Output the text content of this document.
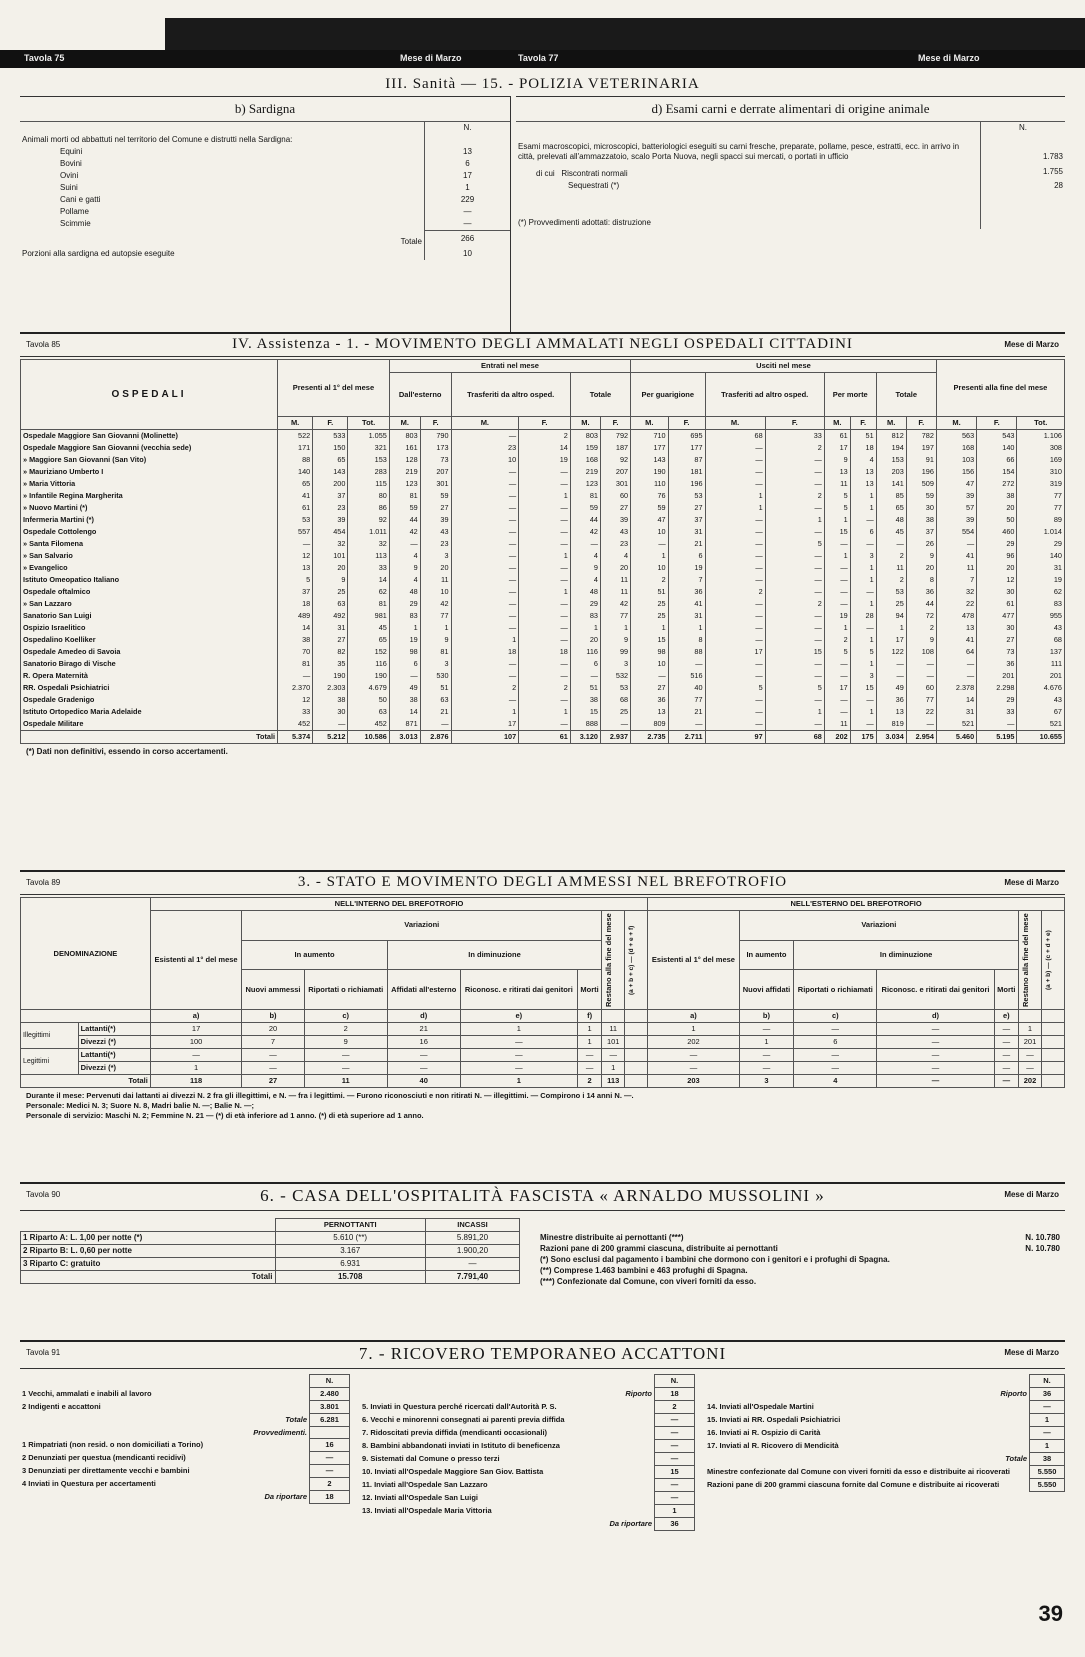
Tavola 75	Mese di Marzo	Tavola 77	Mese di Marzo
III. Sanità — 15. - POLIZIA VETERINARIA
b) Sardigna
	N.
Animali morti od abbattuti nel territorio del Comune e distrutti nella Sardigna:	
Equini	13
Bovini	6
Ovini	17
Suini	1
Cani e gatti	229
Pollame	—
Scimmie	—
Totale	266
Porzioni alla sardigna ed autopsie eseguite	10
d) Esami carni e derrate alimentari di origine animale
	N.
Esami macroscopici, microscopici, batteriologici eseguiti su carni fresche, preparate, pollame, pesce, estratti, ecc. in arrivo in città, prelevati all'ammazzatoio, scalo Porta Nuova, negli spacci sui mercati, o portati in ufficio	1.783
di cui Riscontrati normali	1.755
Sequestrati (*)	28
(*) Provvedimenti adottati: distruzione	
Tavola 85	IV. Assistenza - 1. - MOVIMENTO DEGLI AMMALATI NEGLI OSPEDALI CITTADINI	Mese di Marzo
OSPEDALI	Presenti al 1° del mese			Entrati nel mese						Usciti nel mese								Presenti alla fine del mese		
				Dall'esterno		Trasferiti da altro osped.		Totale		Per guarigione		Trasferiti ad altro osped.		Per morte		Totale				
	M.	F.	Tot.	M.	F.	M.	F.	M.	F.	M.	F.	M.	F.	M.	F.	M.	F.	M.	F.	Tot.
Ospedale Maggiore San Giovanni (Molinette)	522	533	1.055	803	790	—	2	803	792	710	695	68	33	61	51	812	782	563	543	1.106
Ospedale Maggiore San Giovanni (vecchia sede)	171	150	321	161	173	23	14	159	187	177	177	—	2	17	18	194	197	168	140	308
» Maggiore San Giovanni (San Vito)	88	65	153	128	73	10	19	168	92	143	87	—	—	9	4	153	91	103	66	169
» Mauriziano Umberto I	140	143	283	219	207	—	—	219	207	190	181	—	—	13	13	203	196	156	154	310
» Maria Vittoria	65	200	115	123	301	—	—	123	301	110	196	—	—	11	13	141	509	47	272	319
» Infantile Regina Margherita	41	37	80	81	59	—	1	81	60	76	53	1	2	5	1	85	59	39	38	77
» Nuovo Martini (*)	61	23	86	59	27	—	—	59	27	59	27	1	—	5	1	65	30	57	20	77
Infermeria Martini (*)	53	39	92	44	39	—	—	44	39	47	37	—	1	1	—	48	38	39	50	89
Ospedale Cottolengo	557	454	1.011	42	43	—	—	42	43	10	31	—	—	15	6	45	37	554	460	1.014
» Santa Filomena	—	32	32	—	23	—	—	—	23	—	21	—	5	—	—	—	26	—	29	29
» San Salvario	12	101	113	4	3	—	1	4	4	1	6	—	—	1	3	2	9	41	96	140
» Evangelico	13	20	33	9	20	—	—	9	20	10	19	—	—	—	1	11	20	11	20	31
Istituto Omeopatico Italiano	5	9	14	4	11	—	—	4	11	2	7	—	—	—	1	2	8	7	12	19
Ospedale oftalmico	37	25	62	48	10	—	1	48	11	51	36	2	—	—	—	53	36	32	30	62
» San Lazzaro	18	63	81	29	42	—	—	29	42	25	41	—	2	—	1	25	44	22	61	83
Sanatorio San Luigi	489	492	981	83	77	—	—	83	77	25	31	—	—	19	28	94	72	478	477	955
Ospizio Israelitico	14	31	45	1	1	—	—	1	1	1	1	—	—	1	—	1	2	13	30	43
Ospedalino Koelliker	38	27	65	19	9	1	—	20	9	15	8	—	—	2	1	17	9	41	27	68
Ospedale Amedeo di Savoia	70	82	152	98	81	18	18	116	99	98	88	17	15	5	5	122	108	64	73	137
Sanatorio Birago di Vische	81	35	116	6	3	—	—	6	3	10	—	—	—	—	1	—	—	—	36	111
R. Opera Maternità	—	190	190	—	530	—	—	—	532	—	516	—	—	—	3	—	—	—	201	201
RR. Ospedali Psichiatrici	2.370	2.303	4.679	49	51	2	2	51	53	27	40	5	5	17	15	49	60	2.378	2.298	4.676
Ospedale Gradenigo	12	38	50	38	63	—	—	38	68	36	77	—	—	—	—	36	77	14	29	43
Istituto Ortopedico Maria Adelaide	33	30	63	14	21	1	1	15	25	13	21	—	1	—	1	13	22	31	33	67
Ospedale Militare	452	—	452	871	—	17	—	888	—	809	—	—	—	11	—	819	—	521	—	521
Totali	5.374	5.212	10.586	3.013	2.876	107	61	3.120	2.937	2.735	2.711	97	68	202	175	3.034	2.954	5.460	5.195	10.655
(*) Dati non definitivi, essendo in corso accertamenti.
Tavola 89	3. - STATO E MOVIMENTO DEGLI AMMESSI NEL BREFOTROFIO	Mese di Marzo
DENOMINAZIONE		NELL'INTERNO DEL BREFOTROFIO								NELL'ESTERNO DEL BREFOTROFIO						
		Esistenti al 1° del mese	Variazioni					Restano alla fine del mese	(a + b + c) — (d + e + f)	Esistenti al 1° del mese	Variazioni				Restano alla fine del mese	(a + b) — (c + d + e)

			In aumento		In diminuzione						In aumento	In diminuzione				
			Nuovi ammessi	Riportati o richiamati	Affidati all'esterno	Riconosc. e ritirati dai genitori	Morti				Nuovi affidati	Riportati o richiamati	Riconosc. e ritirati dai genitori	Morti		
		a)	b)	c)	d)	e)	f)			a)	b)	c)	d)	e)		
Illegittimi	Lattanti(*)	17	20	2	21	1	1	11		1	—	—	—	—	1	
	Divezzi (*)	100	7	9	16	—	1	101		202	1	6	—	—	201	
Legittimi	Lattanti(*)	—	—	—	—	—	—	—		—	—	—	—	—	—	
	Divezzi (*)	1	—	—	—	—	—	1		—	—	—	—	—	—	
Totali		118	27	11	40	1	2	113		203	3	4	—	—	202	
Durante il mese: Pervenuti dai lattanti ai divezzi N. 2 fra gli illegittimi, e N. — fra i legittimi. — Furono riconosciuti e non ritirati N. — illegittimi. — Compirono i 14 anni N. —.
Personale: Medici N. 3; Suore N. 8, Madri balie N. —; Balie N. —;
Personale di servizio: Maschi N. 2; Femmine N. 21 — (*) di età inferiore ad 1 anno. (*) di età superiore ad 1 anno.
Tavola 90	6. - CASA DELL'OSPITALITÀ FASCISTA « ARNALDO MUSSOLINI »	Mese di Marzo
	PERNOTTANTI	INCASSI
1 Riparto A: L. 1,00 per notte (*)	5.610 (**)	5.891,20
2 Riparto B: L. 0,60 per notte	3.167	1.900,20
3 Riparto C: gratuito	6.931	—
Totali	15.708	7.791,40
Minestre distribuite ai pernottanti (***)	N. 10.780
Razioni pane di 200 grammi ciascuna, distribuite ai pernottanti	N. 10.780
(*) Sono esclusi dal pagamento i bambini che dormono con i genitori e i profughi di Spagna.
(**) Comprese 1.463 bambini e 463 profughi di Spagna.
(***) Confezionate dal Comune, con viveri forniti da esso.
Tavola 91	7. - RICOVERO TEMPORANEO ACCATTONI	Mese di Marzo
	N.
1 Vecchi, ammalati e inabili al lavoro	2.480
2 Indigenti e accattoni	3.801
Totale	6.281
Provvedimenti.	
1 Rimpatriati (non resid. o non domiciliati a Torino)	16
2 Denunziati per questua (mendicanti recidivi)	—
3 Denunziati per direttamente vecchi e bambini	—
4 Inviati in Questura per accertamenti	2
Da riportare	18
	N.
Riporto	18
5. Inviati in Questura perché ricercati dall'Autorità P. S.	2
6. Vecchi e minorenni consegnati ai parenti previa diffida	—
7. Ridoscitati previa diffida (mendicanti occasionali)	—
8. Bambini abbandonati inviati in Istituto di beneficenza	—
9. Sistemati dal Comune o presso terzi	—
10. Inviati all'Ospedale Maggiore San Giov. Battista	15
11. Inviati all'Ospedale San Lazzaro	—
12. Inviati all'Ospedale San Luigi	—
13. Inviati all'Ospedale Maria Vittoria	1
Da riportare	36
	N.
Riporto	36
14. Inviati all'Ospedale Martini	—
15. Inviati ai RR. Ospedali Psichiatrici	1
16. Inviati ai R. Ospizio di Carità	—
17. Inviati al R. Ricovero di Mendicità	1
Totale	38
Minestre confezionate dal Comune con viveri forniti da esso e distribuite ai ricoverati	5.550
Razioni pane di 200 grammi ciascuna fornite dal Comune e distribuite ai ricoverati	5.550
39
